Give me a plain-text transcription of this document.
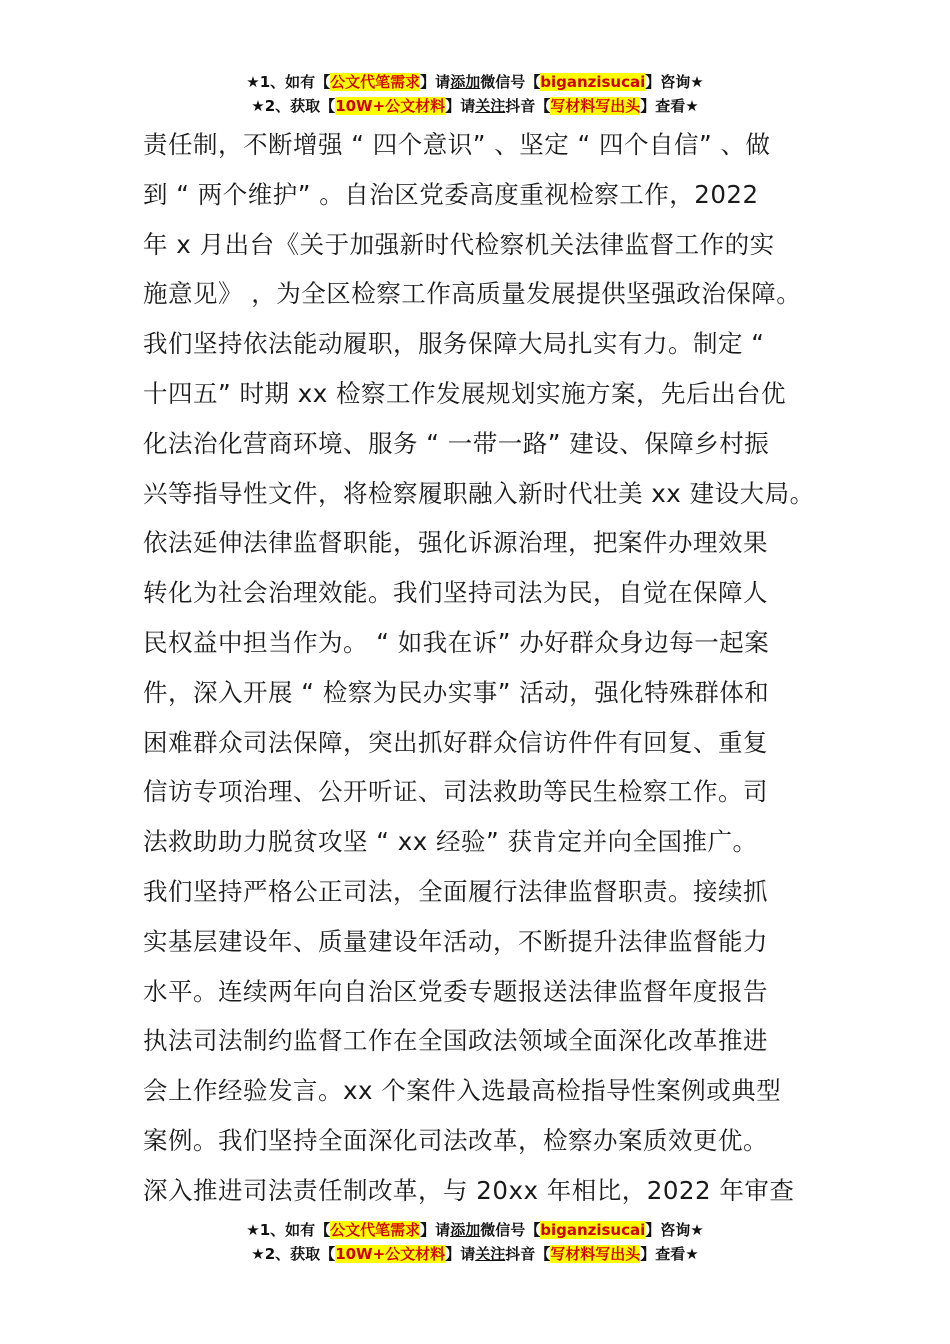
★1、如有【公文代笔需求】请添加微信号【biganzisucai】咨询★
★2、获取【10W+公文材料】请关注抖音【写材料写出头】查看★
责任制，不断增强 “ 四个意识” 、坚定 “ 四个自信” 、做
到 “ 两个维护” 。自治区党委高度重视检察工作，2022
年 x 月出台《关于加强新时代检察机关法律监督工作的实
施意见》 ，为全区检察工作高质量发展提供坚强政治保障。
我们坚持依法能动履职，服务保障大局扎实有力。制定 “
十四五” 时期 xx 检察工作发展规划实施方案，先后出台优
化法治化营商环境、服务 “ 一带一路” 建设、保障乡村振
兴等指导性文件，将检察履职融入新时代壮美 xx 建设大局。
依法延伸法律监督职能，强化诉源治理，把案件办理效果
转化为社会治理效能。我们坚持司法为民，自觉在保障人
民权益中担当作为。 “ 如我在诉” 办好群众身边每一起案
件，深入开展 “ 检察为民办实事” 活动，强化特殊群体和
困难群众司法保障，突出抓好群众信访件件有回复、重复
信访专项治理、公开听证、司法救助等民生检察工作。司
法救助助力脱贫攻坚 “ xx 经验” 获肯定并向全国推广。
我们坚持严格公正司法，全面履行法律监督职责。接续抓
实基层建设年、质量建设年活动，不断提升法律监督能力
水平。连续两年向自治区党委专题报送法律监督年度报告
执法司法制约监督工作在全国政法领域全面深化改革推进
会上作经验发言。xx 个案件入选最高检指导性案例或典型
案例。我们坚持全面深化司法改革，检察办案质效更优。
深入推进司法责任制改革，与 20xx 年相比，2022 年审查
★1、如有【公文代笔需求】请添加微信号【biganzisucai】咨询★
★2、获取【10W+公文材料】请关注抖音【写材料写出头】查看★
